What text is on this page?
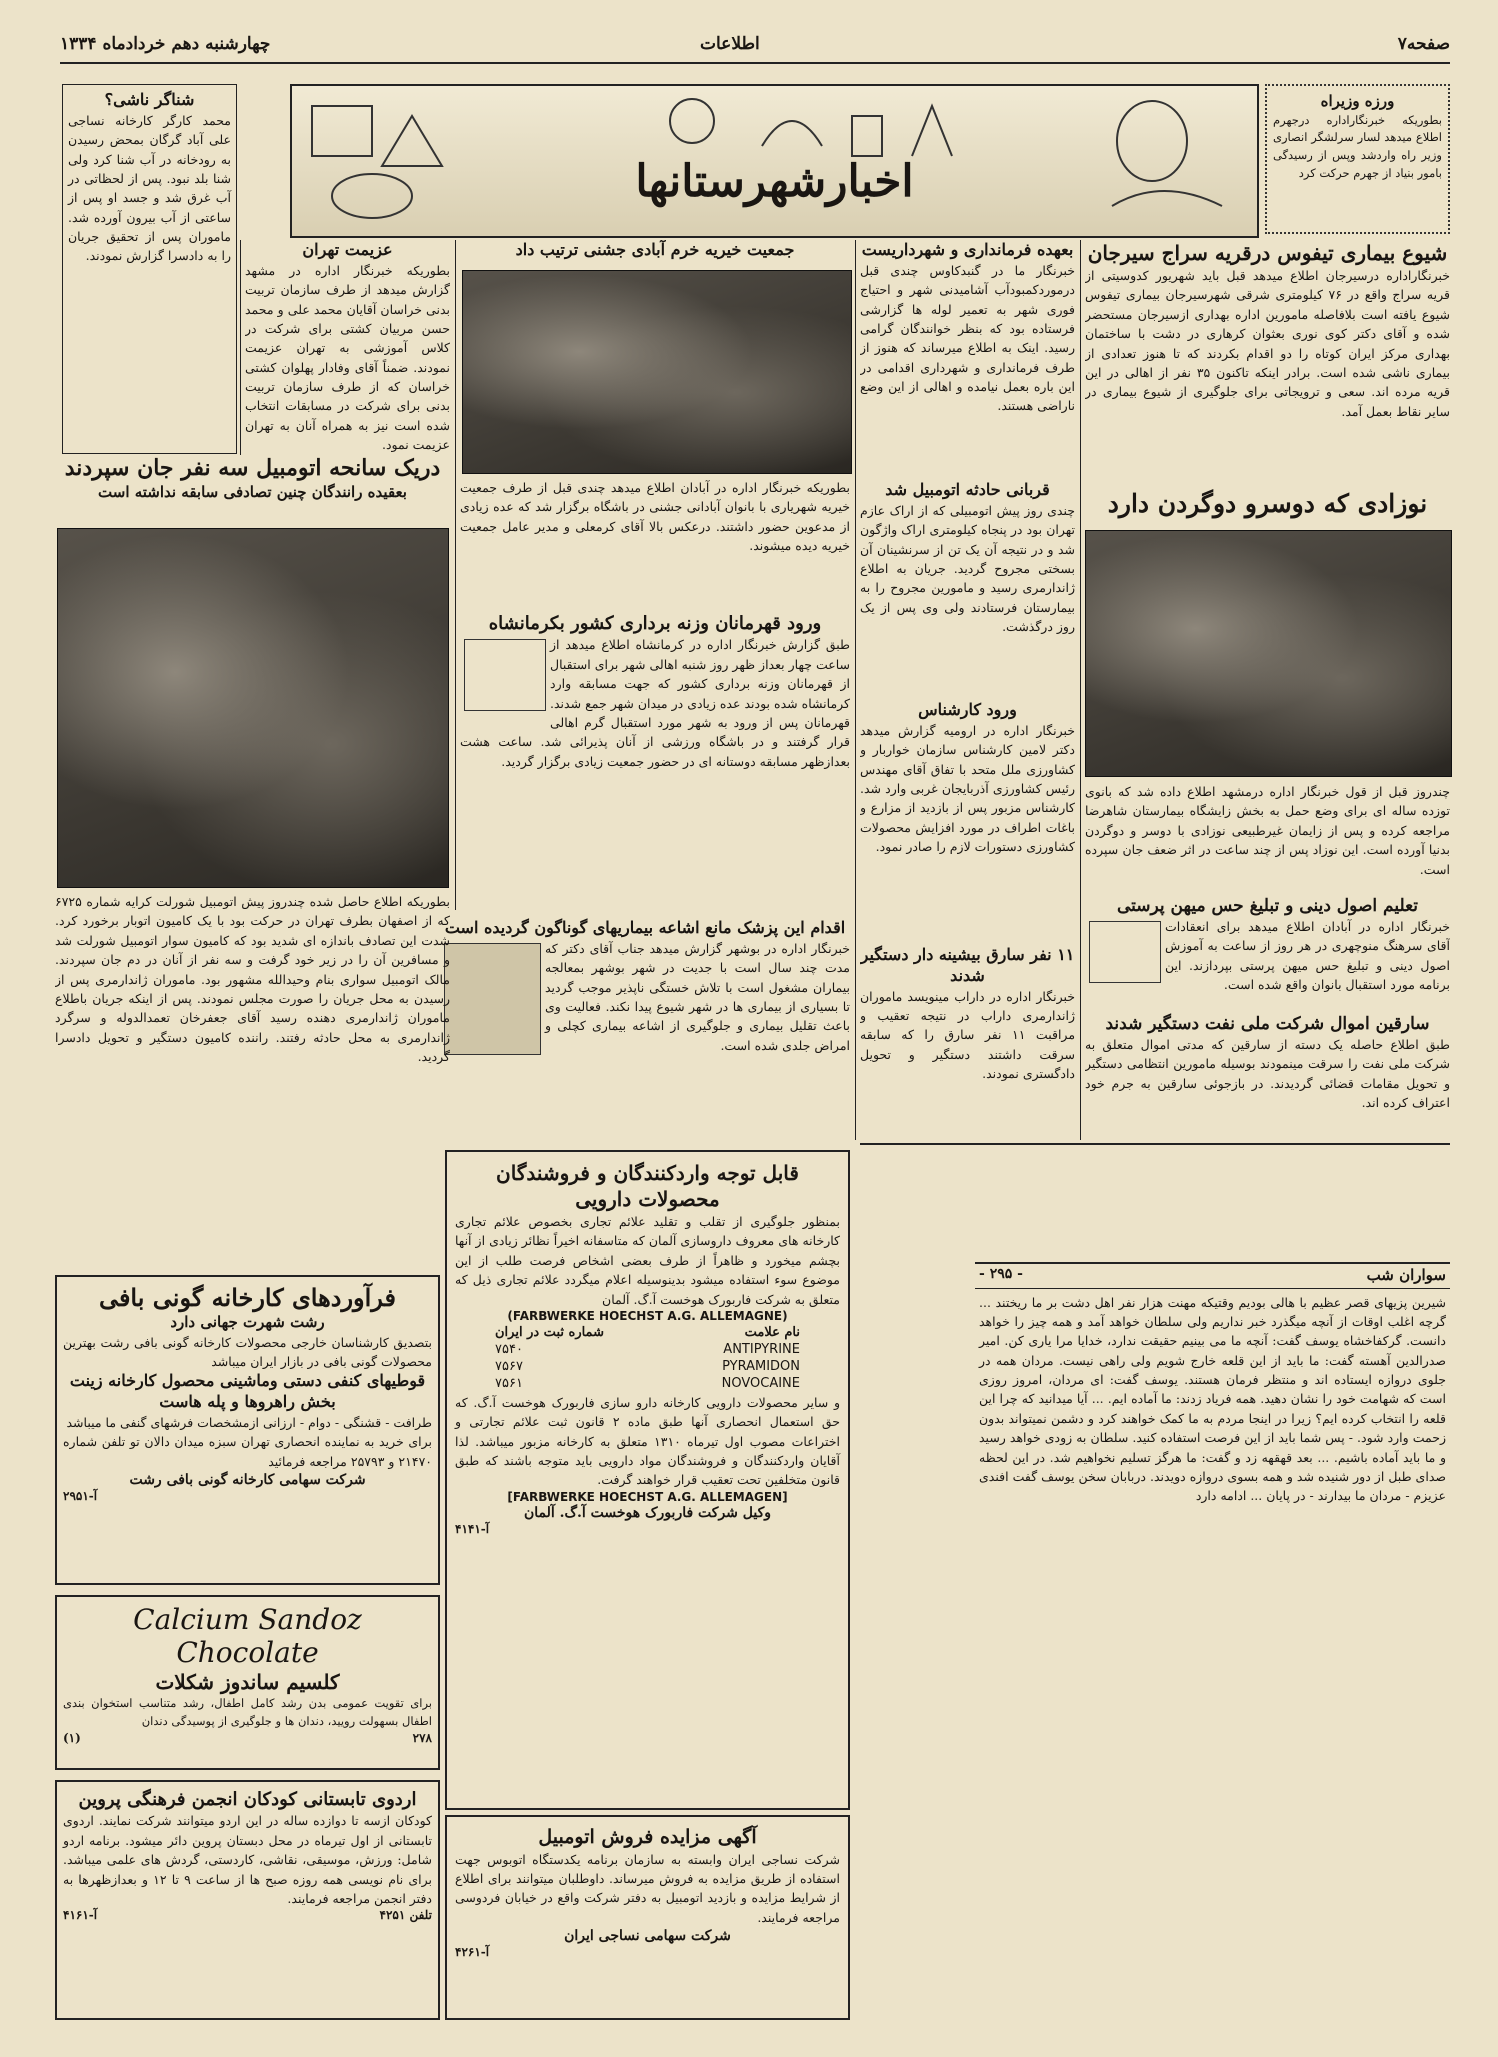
صفحه۷
اطلاعات
چهارشنبه دهم خردادماه ۱۳۳۴
اخبارشهرستانها
ورزه وزیراه
بطوریکه خبرنگاراداره درجهرم اطلاع میدهد لسار سرلشگر انصاری وزیر راه واردشد وپس از رسیدگی بامور بنیاد از جهرم حرکت کرد
شیوع بیماری تیفوس درقریه سراج سیرجان
خبرنگاراداره درسیرجان اطلاع میدهد قبل باید شهریور کدوسیتی از قریه سراج واقع در ۷۶ کیلومتری شرقی شهرسیرجان بیماری تیفوس شیوع یافته است بلافاصله مامورین اداره بهداری ازسیرجان مستحضر شده و آقای دکتر کوی نوری بعثوان کرهاری در دشت با ساختمان بهداری مرکز ایران کوتاه را دو اقدام بکردند که تا هنوز تعدادی از بیماری ناشی شده است. برادر اینکه تاکنون ۳۵ نفر از اهالی در این قریه مرده اند. سعی و ترویجاتی برای جلوگیری از شیوع بیماری در سایر نقاط بعمل آمد.
نوزادی که دوسرو دوگردن دارد
چندروز قبل از قول خبرنگار اداره درمشهد اطلاع داده شد که بانوی توزده ساله ای برای وضع حمل به بخش زایشگاه بیمارستان شاهرضا مراجعه کرده و پس از زایمان غیرطبیعی نوزادی با دوسر و دوگردن بدنیا آورده است. این نوزاد پس از چند ساعت در اثر ضعف جان سپرده است.
تعلیم اصول دینی و تبلیغ حس میهن پرستی
خبرنگار اداره در آبادان اطلاع میدهد برای انعقادات آقای سرهنگ منوچهری در هر روز از ساعت به آموزش اصول دینی و تبلیغ حس میهن پرستی بپردازند. این برنامه مورد استقبال بانوان واقع شده است.
سارقین اموال شرکت ملی نفت دستگیر شدند
طبق اطلاع حاصله یک دسته از سارقین که مدتی اموال متعلق به شرکت ملی نفت را سرقت مینمودند بوسیله مامورین انتظامی دستگیر و تحویل مقامات قضائی گردیدند. در بازجوئی سارقین به جرم خود اعتراف کرده اند.
بعهده فرمانداری و شهرداریست
خبرنگار ما در گنبدکاوس چندی قبل درموردکمبودآب آشامیدنی شهر و احتیاج فوری شهر به تعمیر لوله ها گزارشی فرستاده بود که بنظر خوانندگان گرامی رسید. اینک به اطلاع میرساند که هنوز از طرف فرمانداری و شهرداری اقدامی در این باره بعمل نیامده و اهالی از این وضع ناراضی هستند.
قربانی حادثه اتومبیل شد
چندی روز پیش اتومبیلی که از اراک عازم تهران بود در پنجاه کیلومتری اراک واژگون شد و در نتیجه آن یک تن از سرنشینان آن بسختی مجروح گردید. جریان به اطلاع ژاندارمری رسید و مامورین مجروح را به بیمارستان فرستادند ولی وی پس از یک روز درگذشت.
ورود کارشناس
خبرنگار اداره در ارومیه گزارش میدهد دکتر لامین کارشناس سازمان خواربار و کشاورزی ملل متحد با تفاق آقای مهندس رئیس کشاورزی آذربایجان غربی وارد شد. کارشناس مزبور پس از بازدید از مزارع و باغات اطراف در مورد افزایش محصولات کشاورزی دستورات لازم را صادر نمود.
۱۱ نفر سارق بیشینه دار دستگیر شدند
خبرنگار اداره در داراب مینویسد ماموران ژاندارمری داراب در نتیجه تعقیب و مراقبت ۱۱ نفر سارق را که سابقه سرقت داشتند دستگیر و تحویل دادگستری نمودند.
جمعیت خیریه خرم آبادی جشنی ترتیب داد
بطوریکه خبرنگار اداره در آبادان اطلاع میدهد چندی قبل از طرف جمعیت خیریه شهریاری با بانوان آبادانی جشنی در باشگاه برگزار شد که عده زیادی از مدعوین حضور داشتند. درعکس بالا آقای کرمعلی و مدیر عامل جمعیت خیریه دیده میشوند.
ورود قهرمانان وزنه برداری کشور بکرمانشاه
طبق گزارش خبرنگار اداره در کرمانشاه اطلاع میدهد از ساعت چهار بعداز ظهر روز شنبه اهالی شهر برای استقبال از قهرمانان وزنه برداری کشور که جهت مسابقه وارد کرمانشاه شده بودند عده زیادی در میدان شهر جمع شدند. قهرمانان پس از ورود به شهر مورد استقبال گرم اهالی قرار گرفتند و در باشگاه ورزشی از آنان پذیرائی شد. ساعت هشت بعدازظهر مسابقه دوستانه ای در حضور جمعیت زیادی برگزار گردید.
اقدام این پزشک مانع اشاعه بیماریهای گوناگون گردیده است
خبرنگار اداره در بوشهر گزارش میدهد جناب آقای دکتر که مدت چند سال است با جدیت در شهر بوشهر بمعالجه بیماران مشغول است با تلاش خستگی ناپذیر موجب گردید تا بسیاری از بیماری ها در شهر شیوع پیدا نکند. فعالیت وی باعث تقلیل بیماری و جلوگیری از اشاعه بیماری کچلی و امراض جلدی شده است.
عزیمت تهران
بطوریکه خبرنگار اداره در مشهد گزارش میدهد از طرف سازمان تربیت بدنی خراسان آقایان محمد علی و محمد حسن مربیان کشتی برای شرکت در کلاس آموزشی به تهران عزیمت نمودند. ضمناً آقای وفادار پهلوان کشتی خراسان که از طرف سازمان تربیت بدنی برای شرکت در مسابقات انتخاب شده است نیز به همراه آنان به تهران عزیمت نمود.
شناگر ناشی؟
محمد کارگر کارخانه نساجی علی آباد گرگان بمحض رسیدن به رودخانه در آب شنا کرد ولی شنا بلد نبود. پس از لحظاتی در آب غرق شد و جسد او پس از ساعتی از آب بیرون آورده شد. ماموران پس از تحقیق جریان را به دادسرا گزارش نمودند.
دریک سانحه اتومبیل سه نفر جان سپردند
بعقیده رانندگان چنین تصادفی سابقه نداشته است
بطوریکه اطلاع حاصل شده چندروز پیش اتومبیل شورلت کرایه شماره ۶۷۲۵ که از اصفهان بطرف تهران در حرکت بود با یک کامیون اتوبار برخورد کرد. شدت این تصادف باندازه ای شدید بود که کامیون سوار اتومبیل شورلت شد و مسافرین آن را در زیر خود گرفت و سه نفر از آنان در دم جان سپردند. مالک اتومبیل سواری بنام وحیدالله مشهور بود. ماموران ژاندارمری پس از رسیدن به محل جریان را صورت مجلس نمودند. پس از اینکه جریان باطلاع ماموران ژاندارمری دهنده رسید آقای جعفرخان تعمدالدوله و سرگرد ژاندارمری به محل حادثه رفتند. راننده کامیون دستگیر و تحویل دادسرا گردید.
فرآوردهای کارخانه گونی بافی
رشت شهرت جهانی دارد
بتصدیق کارشناسان خارجی محصولات کارخانه گونی بافی رشت بهترین محصولات گونی بافی در بازار ایران میباشد
قوطیهای کنفی دستی وماشینی محصول کارخانه زینت بخش راهروها و پله هاست
طرافت - قشنگی - دوام - ارزانی ازمشخصات فرشهای گنفی ما میباشد
برای خرید به نماینده انحصاری تهران سبزه میدان دالان تو تلفن شماره ۲۱۴۷۰ و ۲۵۷۹۳ مراجعه فرمائید
شرکت سهامی کارخانه گونی بافی رشت
آ-۲۹۵۱
Calcium Sandoz
Chocolate
کلسیم ساندوز شکلات
برای تقویت عمومی بدن رشد کامل اطفال، رشد متناسب استخوان بندی اطفال بسهولت رویید، دندان ها و جلوگیری از پوسیدگی دندان
(۱)	۲۷۸
اردوی تابستانی کودکان انجمن فرهنگی پروین
کودکان ازسه تا دوازده ساله در این اردو میتوانند شرکت نمایند. اردوی تابستانی از اول تیرماه در محل دبستان پروین دائر میشود. برنامه اردو شامل: ورزش، موسیقی، نقاشی، کاردستی، گردش های علمی میباشد. برای نام نویسی همه روزه صبح ها از ساعت ۹ تا ۱۲ و بعدازظهرها به دفتر انجمن مراجعه فرمایند.
تلفن ۴۲۵۱
آ-۴۱۶۱
قابل توجه واردکنندگان و فروشندگان محصولات دارویی
بمنظور جلوگیری از تقلب و تقلید علائم تجاری بخصوص علائم تجاری کارخانه های معروف داروسازی آلمان که متاسفانه اخیراً نظائر زیادی از آنها بچشم میخورد و ظاهراً از طرف بعضی اشخاص فرصت طلب از این موضوع سوء استفاده میشود بدینوسیله اعلام میگردد علائم تجاری ذیل که متعلق به شرکت فاربورک هوخست آ.گ. آلمان
(FARBWERKE HOECHST A.G. ALLEMAGNE)
نام علامت
شماره ثبت در ایران
ANTIPYRINE
۷۵۴۰
PYRAMIDON
۷۵۶۷
NOVOCAINE
۷۵۶۱
و سایر محصولات دارویی کارخانه دارو سازی فاربورک هوخست آ.گ. که حق استعمال انحصاری آنها طبق ماده ۲ قانون ثبت علائم تجارتی و اختراعات مصوب اول تیرماه ۱۳۱۰ متعلق به کارخانه مزبور میباشد. لذا آقایان واردکنندگان و فروشندگان مواد دارویی باید متوجه باشند که طبق قانون متخلفین تحت تعقیب قرار خواهند گرفت.
[FARBWERKE HOECHST A.G. ALLEMAGEN]
وکیل شرکت فاربورک هوخست آ.گ. آلمان
آ-۴۱۴۱
آگهی مزایده فروش اتومبیل
شرکت نساجی ایران وابسته به سازمان برنامه یکدستگاه اتوبوس جهت استفاده از طریق مزایده به فروش میرساند. داوطلبان میتوانند برای اطلاع از شرایط مزایده و بازدید اتومبیل به دفتر شرکت واقع در خیابان فردوسی مراجعه فرمایند.
شرکت سهامی نساجی ایران
آ-۴۲۶۱
سواران شب
- ۲۹۵ -
شیرین پزیهای قصر عظیم با هالی بودیم وقتیکه مهنت هزار نفر اهل دشت بر ما ریختند ... گرچه اغلب اوقات از آنچه میگذرد خبر نداریم ولی سلطان خواهد آمد و همه چیز را خواهد دانست. گرکفاخشاه یوسف گفت: آنچه ما می بینیم حقیقت ندارد، خدایا مرا یاری کن. امیر صدرالدین آهسته گفت: ما باید از این قلعه خارج شویم ولی راهی نیست. مردان همه در جلوی دروازه ایستاده اند و منتظر فرمان هستند. یوسف گفت: ای مردان، امروز روزی است که شهامت خود را نشان دهید. همه فریاد زدند: ما آماده ایم. ... آیا میدانید که چرا این قلعه را انتخاب کرده ایم؟ زیرا در اینجا مردم به ما کمک خواهند کرد و دشمن نمیتواند بدون زحمت وارد شود. - پس شما باید از این فرصت استفاده کنید. سلطان به زودی خواهد رسید و ما باید آماده باشیم. ... بعد قهقهه زد و گفت: ما هرگز تسلیم نخواهیم شد. در این لحظه صدای طبل از دور شنیده شد و همه بسوی دروازه دویدند. دربابان سخن یوسف گفت افندی عزیزم - مردان ما بیدارند - در پایان ... ادامه دارد
